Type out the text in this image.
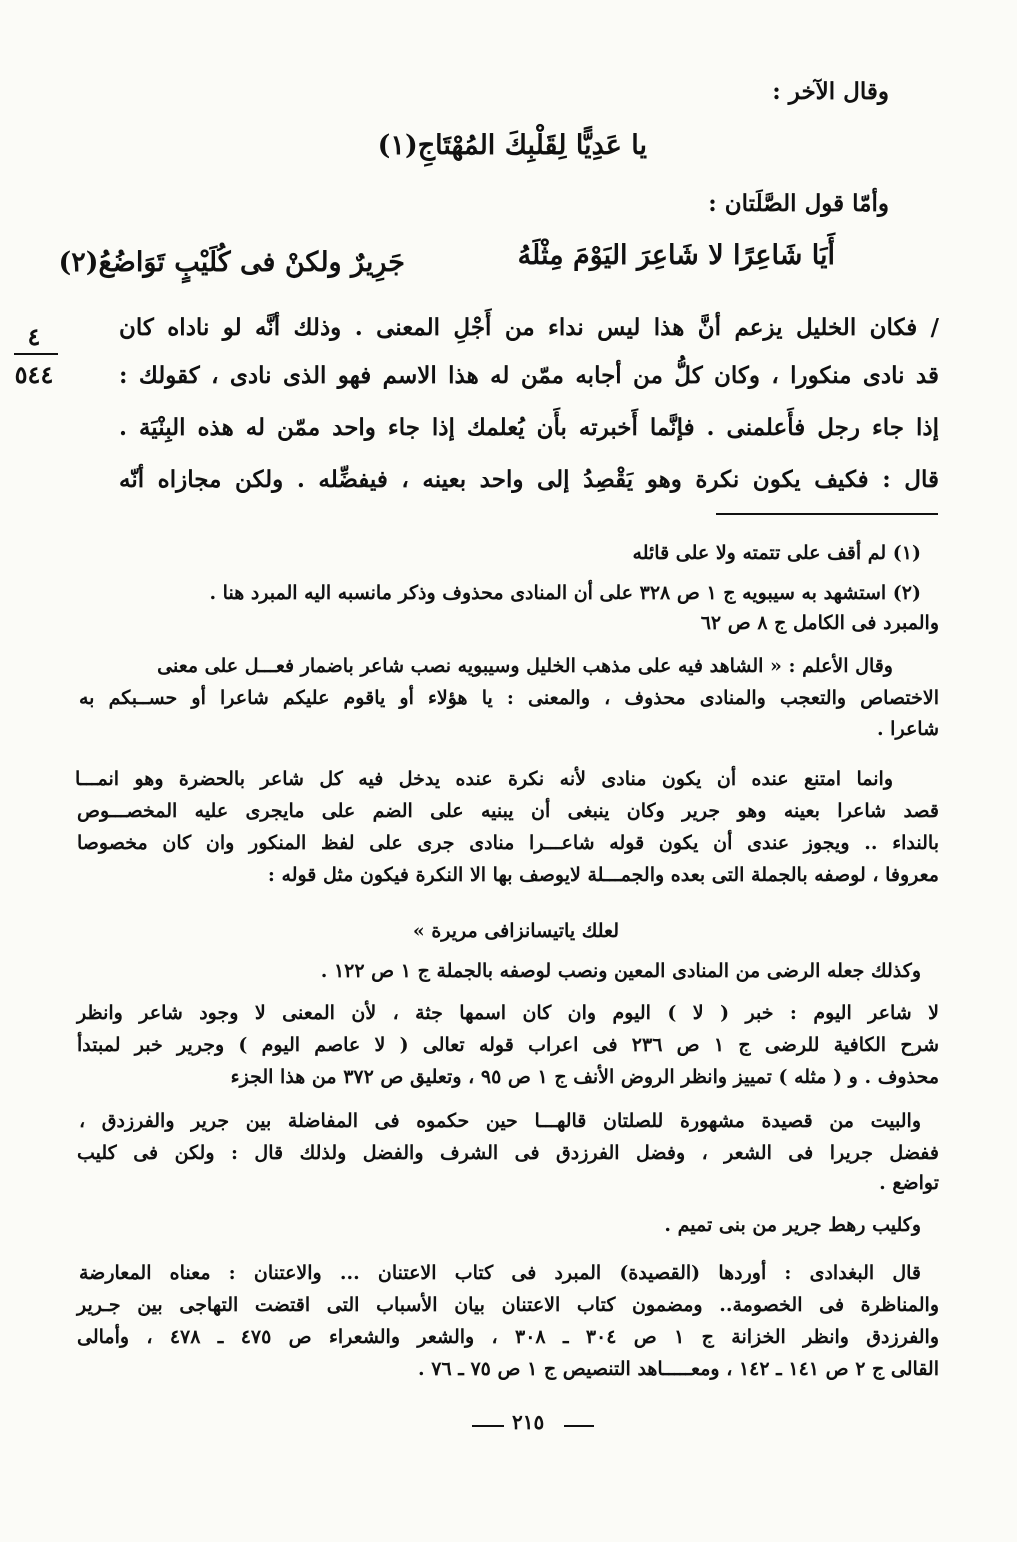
٤
٥٤٤
وقال الآخر :
يا عَدِيًّا لِقَلْبِكَ المُهْتَاجِ(١)
وأمّا قول الصَّلَتان :
أَيَا شَاعِرًا لا شَاعِرَ اليَوْمَ مِثْلَهُ
جَرِيرٌ ولكنْ فى كُلَيْبٍ تَوَاضُعُ(٢)
/ فكان الخليل يزعم أنَّ هذا ليس نداء من أَجْلِ المعنى . وذلك أنَّه لو ناداه كان
قد نادى منكورا ، وكان كلُّ من أجابه ممّن له هذا الاسم فهو الذى نادى ، كقولك :
إذا جاء رجل فأَعلمنى . فإنَّما أَخبرته بأَن يُعلمك إذا جاء واحد ممّن له هذه البِنْيَة .
قال : فكيف يكون نكرة وهو يَقْصِدُ إلى واحد بعينه ، فيفضِّله . ولكن مجازاه أنّه
(١) لم أقف على تتمته ولا على قائله
(٢) استشهد به سيبويه ج ١ ص ٣٢٨ على أن المنادى محذوف وذكر مانسبه اليه المبرد هنا .
والمبرد فى الكامل ج ٨ ص ٦٢
وقال الأعلم : « الشاهد فيه على مذهب الخليل وسيبويه نصب شاعر باضمار فعـــل على معنى
الاختصاص والتعجب والمنادى محذوف ، والمعنى : يا هؤلاء أو ياقوم عليكم شاعرا أو حســبكم به
شاعرا .
وانما امتنع عنده أن يكون منادى لأنه نكرة عنده يدخل فيه كل شاعر بالحضرة وهو انمـــا
قصد شاعرا بعينه وهو جرير وكان ينبغى أن يبنيه على الضم على مايجرى عليه المخصـــوص
بالنداء .. ويجوز عندى أن يكون قوله شاعـــرا منادى جرى على لفظ المنكور وان كان مخصوصا
معروفا ، لوصفه بالجملة التى بعده والجمـــلة لايوصف بها الا النكرة فيكون مثل قوله :
لعلك ياتيسانزافى مريرة »
وكذلك جعله الرضى من المنادى المعين ونصب لوصفه بالجملة ج ١ ص ١٢٢ .
لا شاعر اليوم : خبر ( لا ) اليوم وان كان اسمها جثة ، لأن المعنى لا وجود شاعر وانظر
شرح الكافية للرضى ج ١ ص ٢٣٦ فى اعراب قوله تعالى ( لا عاصم اليوم ) وجرير خبر لمبتدأ
محذوف . و ( مثله ) تمييز وانظر الروض الأنف ج ١ ص ٩٥ ، وتعليق ص ٣٧٢ من هذا الجزء
والبيت من قصيدة مشهورة للصلتان قالهـــا حين حكموه فى المفاضلة بين جرير والفرزدق ،
ففضل جريرا فى الشعر ، وفضل الفرزدق فى الشرف والفضل ولذلك قال : ولكن فى كليب
تواضع .
وكليب رهط جرير من بنى تميم .
قال البغدادى : أوردها (القصيدة) المبرد فى كتاب الاعتنان ... والاعتنان : معناه المعارضة
والمناظرة فى الخصومة.. ومضمون كتاب الاعتنان بيان الأسباب التى اقتضت التهاجى بين جـرير
والفرزدق وانظر الخزانة ج ١ ص ٣٠٤ ـ ٣٠٨ ، والشعر والشعراء ص ٤٧٥ ـ ٤٧٨ ، وأمالى
القالى ج ٢ ص ١٤١ ـ ١٤٢ ، ومعـــــاهد التنصيص ج ١ ص ٧٥ ـ ٧٦ .
٢١٥
